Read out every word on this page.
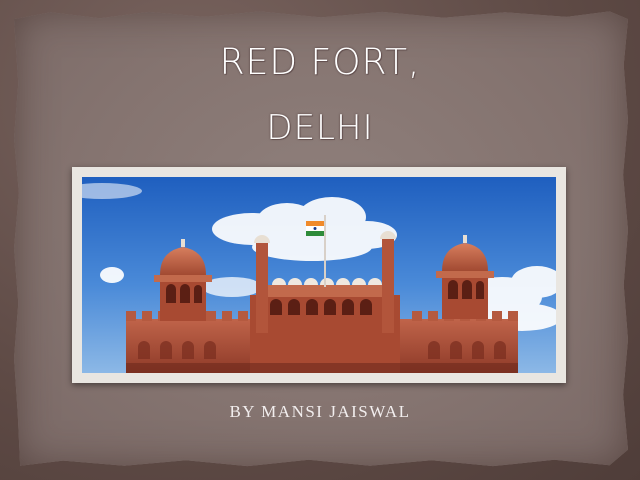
RED FORT,
DELHI
BY MANSI JAISWAL
